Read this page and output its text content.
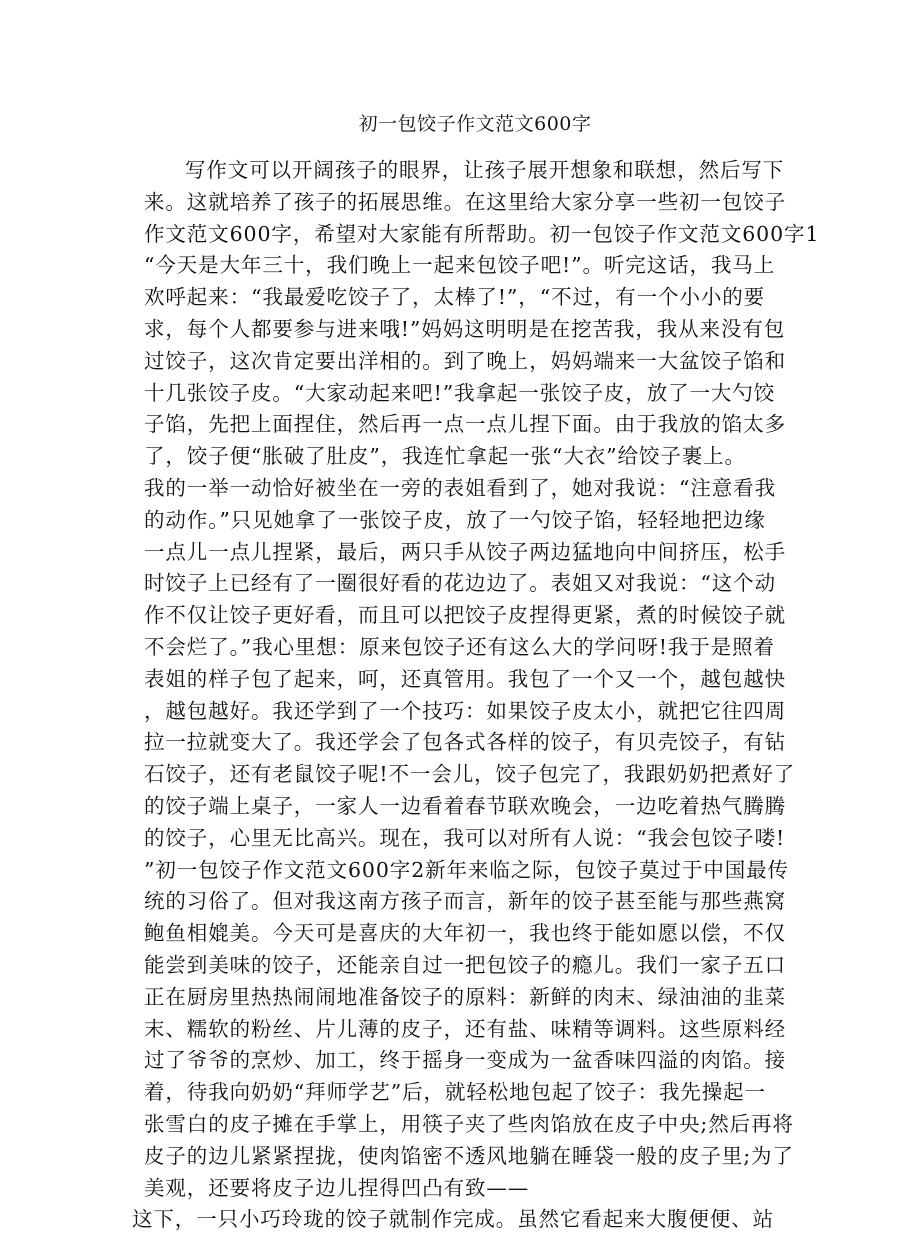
初一包饺子作文范文600字
写作文可以开阔孩子的眼界，让孩子展开想象和联想，然后写下
来。这就培养了孩子的拓展思维。在这里给大家分享一些初一包饺子
作文范文600字，希望对大家能有所帮助。初一包饺子作文范文600字1
“今天是大年三十，我们晚上一起来包饺子吧!”。听完这话，我马上
欢呼起来：“我最爱吃饺子了，太棒了!”，“不过，有一个小小的要
求，每个人都要参与进来哦!”妈妈这明明是在挖苦我，我从来没有包
过饺子，这次肯定要出洋相的。到了晚上，妈妈端来一大盆饺子馅和
十几张饺子皮。“大家动起来吧!”我拿起一张饺子皮，放了一大勺饺
子馅，先把上面捏住，然后再一点一点儿捏下面。由于我放的馅太多
了，饺子便“胀破了肚皮”，我连忙拿起一张“大衣”给饺子裹上。
我的一举一动恰好被坐在一旁的表姐看到了，她对我说：“注意看我
的动作。”只见她拿了一张饺子皮，放了一勺饺子馅，轻轻地把边缘
一点儿一点儿捏紧，最后，两只手从饺子两边猛地向中间挤压，松手
时饺子上已经有了一圈很好看的花边边了。表姐又对我说：“这个动
作不仅让饺子更好看，而且可以把饺子皮捏得更紧，煮的时候饺子就
不会烂了。”我心里想：原来包饺子还有这么大的学问呀!我于是照着
表姐的样子包了起来，呵，还真管用。我包了一个又一个，越包越快
，越包越好。我还学到了一个技巧：如果饺子皮太小，就把它往四周
拉一拉就变大了。我还学会了包各式各样的饺子，有贝壳饺子，有钻
石饺子，还有老鼠饺子呢!不一会儿，饺子包完了，我跟奶奶把煮好了
的饺子端上桌子，一家人一边看着春节联欢晚会，一边吃着热气腾腾
的饺子，心里无比高兴。现在，我可以对所有人说：“我会包饺子喽!
”初一包饺子作文范文600字2新年来临之际，包饺子莫过于中国最传
统的习俗了。但对我这南方孩子而言，新年的饺子甚至能与那些燕窝
鲍鱼相媲美。今天可是喜庆的大年初一，我也终于能如愿以偿，不仅
能尝到美味的饺子，还能亲自过一把包饺子的瘾儿。我们一家子五口
正在厨房里热热闹闹地准备饺子的原料：新鲜的肉末、绿油油的韭菜
末、糯软的粉丝、片儿薄的皮子，还有盐、味精等调料。这些原料经
过了爷爷的烹炒、加工，终于摇身一变成为一盆香味四溢的肉馅。接
着，待我向奶奶“拜师学艺”后，就轻松地包起了饺子：我先操起一
张雪白的皮子摊在手掌上，用筷子夹了些肉馅放在皮子中央;然后再将
皮子的边儿紧紧捏拢，使肉馅密不透风地躺在睡袋一般的皮子里;为了
美观，还要将皮子边儿捏得凹凸有致——
这下，一只小巧玲珑的饺子就制作完成。虽然它看起来大腹便便、站
